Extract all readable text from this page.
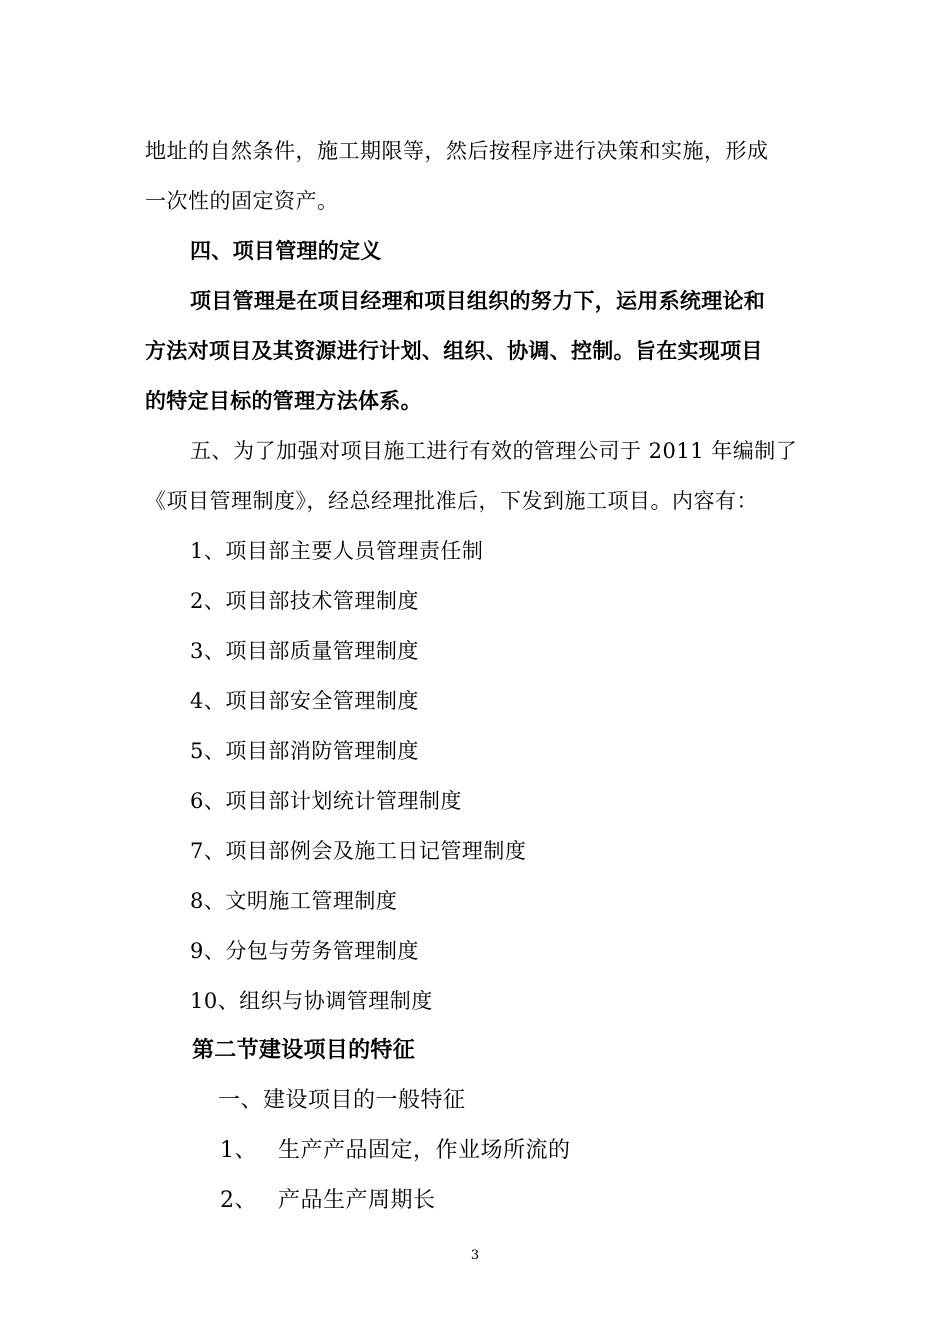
地址的自然条件，施工期限等，然后按程序进行决策和实施，形成
一次性的固定资产。
四、项目管理的定义
项目管理是在项目经理和项目组织的努力下，运用系统理论和
方法对项目及其资源进行计划、组织、协调、控制。旨在实现项目
的特定目标的管理方法体系。
五、为了加强对项目施工进行有效的管理公司于 2011 年编制了
《项目管理制度》，经总经理批准后，下发到施工项目。内容有：
1、项目部主要人员管理责任制
2、项目部技术管理制度
3、项目部质量管理制度
4、项目部安全管理制度
5、项目部消防管理制度
6、项目部计划统计管理制度
7、项目部例会及施工日记管理制度
8、文明施工管理制度
9、分包与劳务管理制度
10、组织与协调管理制度
第二节建设项目的特征
一、建设项目的一般特征
1、 生产产品固定，作业场所流的
2、 产品生产周期长
3
